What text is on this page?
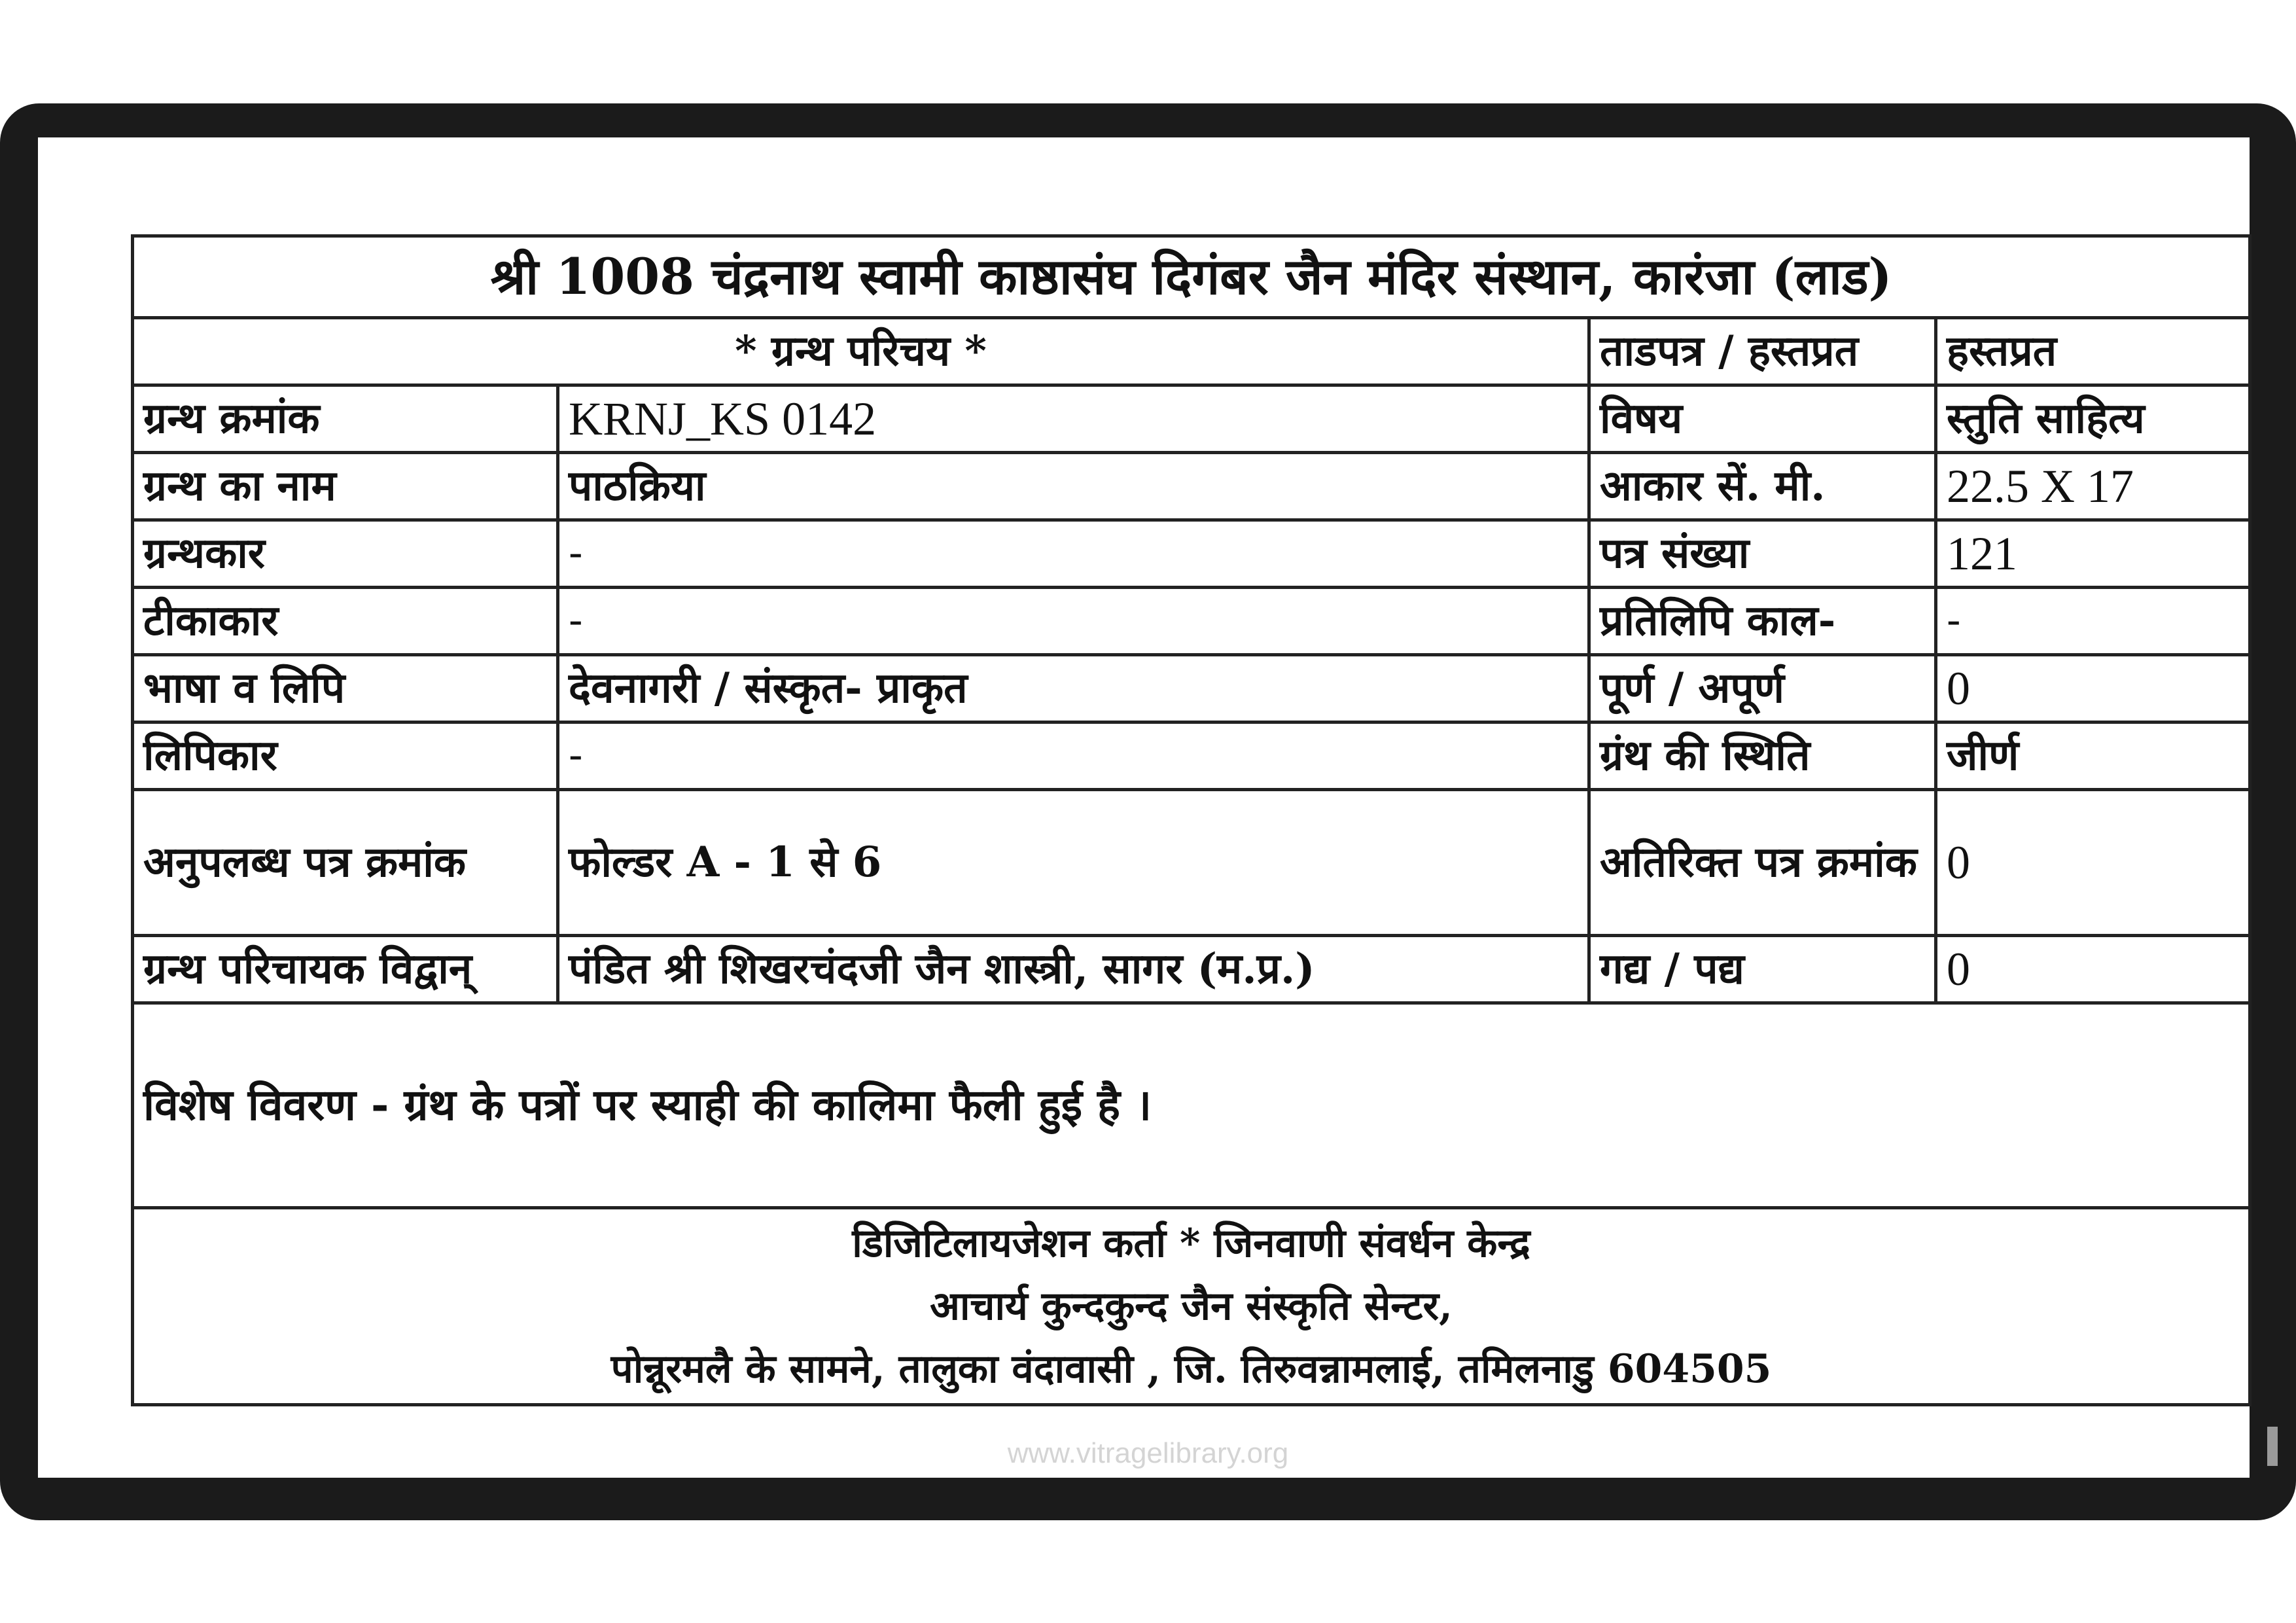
श्री 1008 चंद्रनाथ स्वामी काष्ठासंघ दिगंबर जैन मंदिर संस्थान, कारंजा (लाड)			
* ग्रन्थ परिचय *		ताडपत्र / हस्तप्रत	हस्तप्रत
ग्रन्थ क्रमांक	KRNJ_KS 0142	विषय	स्तुति साहित्य
ग्रन्थ का नाम	पाठक्रिया	आकार सें. मी.	22.5 X 17
ग्रन्थकार	-	पत्र संख्या	121
टीकाकार	-	प्रतिलिपि काल-	-
भाषा व लिपि	देवनागरी / संस्कृत- प्राकृत	पूर्ण / अपूर्ण	0
लिपिकार	-	ग्रंथ की स्थिति	जीर्ण
अनुपलब्ध पत्र क्रमांक	फोल्डर A - 1 से 6	अतिरिक्त पत्र क्रमांक	0
ग्रन्थ परिचायक विद्वान्	पंडित श्री शिखरचंदजी जैन शास्त्री, सागर (म.प्र.)	गद्य / पद्य	0
विशेष विवरण - ग्रंथ के पत्रों पर स्याही की कालिमा फैली हुई है ।			

डिजिटिलायजेशन कर्ता * जिनवाणी संवर्धन केन्द्र
आचार्य कुन्दकुन्द जैन संस्कृति सेन्टर,
पोन्नूरमलै के सामने, तालुका वंदावासी , जि. तिरुवन्नामलाई, तमिलनाडु 604505			
www.vitragelibrary.org
